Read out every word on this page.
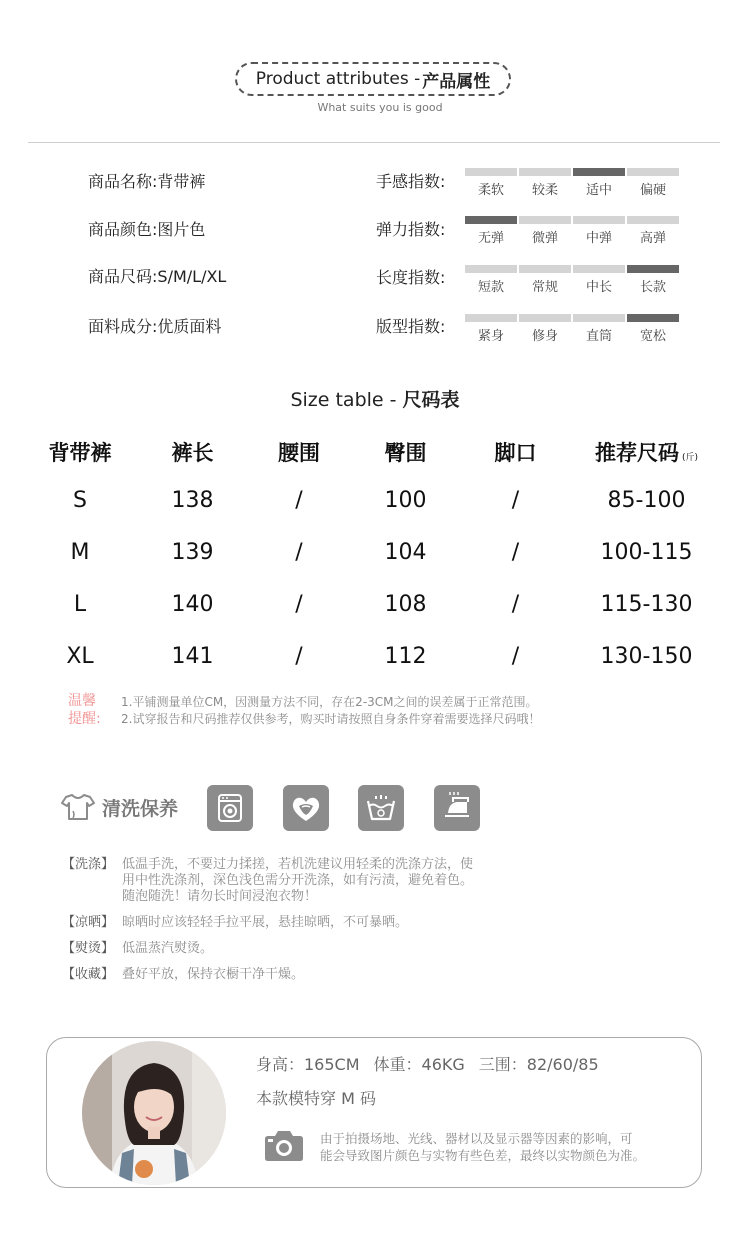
Product attributes - 产品属性
What suits you is good
商品名称:背带裤
商品颜色:图片色
商品尺码:S/M/L/XL
面料成分:优质面料
手感指数:	柔软 较柔 适中 偏硬
弹力指数:	无弹 微弹 中弹 高弹
长度指数:
短款 常规 中长 长款
版型指数:
紧身 修身 直筒 宽松
Size table - 尺码表
背带裤	裤长	腰围	臀围	脚口	推荐尺码 (斤)
S	138	/	100	/	85-100
M	139	/	104	/	100-115
L	140	/	108	/	115-130
XL	141	/	112	/	130-150
温馨
提醒:
1.平铺测量单位CM，因测量方法不同，存在2-3CM之间的误差属于正常范围。
2.试穿报告和尺码推荐仅供参考，购买时请按照自身条件穿着需要选择尺码哦！
清洗保养
【洗涤】 低温手洗，不要过力揉搓，若机洗建议用轻柔的洗涤方法，使
用中性洗涤剂，深色浅色需分开洗涤，如有污渍，避免着色。
随泡随洗！请勿长时间浸泡衣物！
【凉晒】 晾晒时应该轻轻手拉平展，悬挂晾晒，不可暴晒。
【熨烫】 低温蒸汽熨烫。
【收藏】 叠好平放，保持衣橱干净干燥。
身高：165CM 体重：46KG 三围：82/60/85
本款模特穿 M 码
由于拍摄场地、光线、器材以及显示器等因素的影响，可
能会导致图片颜色与实物有些色差，最终以实物颜色为准。
